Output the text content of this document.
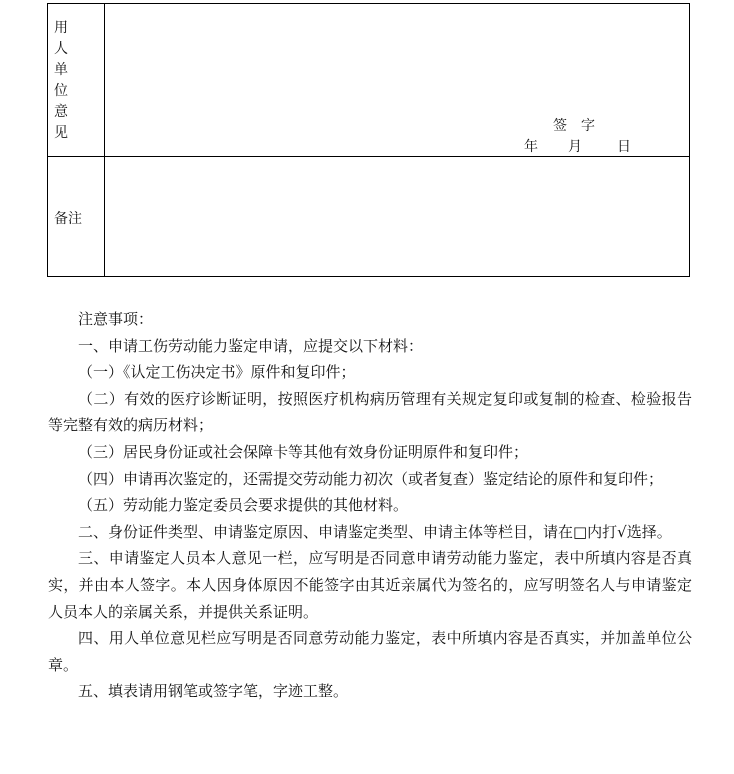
用人单位意见	签字
年 月	日
备注

注意事项：

一、申请工伤劳动能力鉴定申请，应提交以下材料：

（一）《认定工伤决定书》原件和复印件；

（二）有效的医疗诊断证明，按照医疗机构病历管理有关规定复印或复制的检查、检验报告等完整有效的病历材料；

（三）居民身份证或社会保障卡等其他有效身份证明原件和复印件；

（四）申请再次鉴定的，还需提交劳动能力初次（或者复查）鉴定结论的原件和复印件；

（五）劳动能力鉴定委员会要求提供的其他材料。

二、身份证件类型、申请鉴定原因、申请鉴定类型、申请主体等栏目，请在□内打√选择。

三、申请鉴定人员本人意见一栏，应写明是否同意申请劳动能力鉴定，表中所填内容是否真实，并由本人签字。本人因身体原因不能签字由其近亲属代为签名的，应写明签名人与申请鉴定人员本人的亲属关系，并提供关系证明。

四、用人单位意见栏应写明是否同意劳动能力鉴定，表中所填内容是否真实，并加盖单位公章。

五、填表请用钢笔或签字笔，字迹工整。
